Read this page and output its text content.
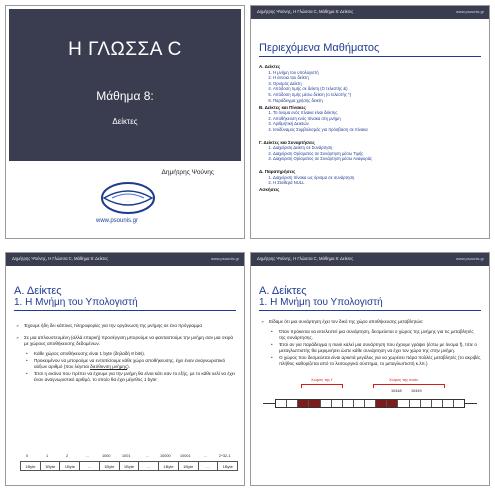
Η ΓΛΩΣΣΑ C
Μάθημα 8:
Δείκτες
Δημήτρης Ψούνης
www.psounis.gr
Δημήτρης Ψούνης, Η Γλώσσα C, Μάθημα 8: Δείκτες	www.psounis.gr
Περιεχόμενα Μαθήματος
Α. Δείκτες
1. Η μνήμη του υπολογιστή
2. Η έννοια του δείκτη
3. Ορισμός Δείκτη
4. Απόδοση τιμής σε δείκτη (Ο τελεστής &)
5. Απόδοση τιμής μέσω δείκτη (ο τελεστής *)
6. Παράδειγμα χρήσης δεικτη
Β. Δείκτες και Πίνακες
1. Το όνομα ενός πίνακα είναι δείκτης
2. Αποθήκευση ενός πίνακα στη μνήμη
3. Αριθμητική Δεικτών
4. Ισοδύναμος Συμβολισμός για πρόσβαση σε πίνακα
Γ. Δείκτες και Συναρτήσεις
1. Διαχείριση Δείκτη σε Συνάρτηση
2. Διαχείριση Ορίσματος σε Συνάρτηση μέσω Τιμής
3. Διαχείριση Ορίσματος σε Συνάρτηση μέσω Αναφοράς
Δ. Παρατηρήσεις
1. Διαχείριση πίνακα ως όρισμα σε συνάρτηση
2. Η Σταθερά NULL
Ασκήσεις
Δημήτρης Ψούνης, Η Γλώσσα C, Μάθημα 8: Δείκτες	www.psounis.gr
Α. Δείκτες
1. Η Μνήμη του Υπολογιστή
➢ Έχουμε ήδη δει κάποιες πληροφορίες για την οργάνωση της μνήμης σε ένα πρόγραμμα
➢ Σε μια απλουστευμένη (αλλά επαρκή) προσέγγιση μπορούμε να φανταστούμε την μνήμη σαν μια σειρά με χώρους αποθήκευσης δεδομένων.
• Κάθε χώρος αποθήκευσης είναι 1 byte (δηλαδή 8 bits).
• Προκειμένου να μπορούμε να εντοπίσουμε κάθε χώρο αποθήκευσης, έχει έναν αναγνωριστικό αύξων αριθμό (που λέγεται διεύθυνση μνήμης).
• Έτσι η εικόνα που πρέπει να έχουμε για την μνήμη θα είναι κάτι σαν το εξής, με το κάθε κελί να έχει έναν αναγνωριστικό αριθμό, το οποίο θα έχει μέγεθος 1 byte:
0	1	2	...	1000	1001	...	10000 10001	...	2^32-1
1Byte	1Byte	1Byte	...	1Byte	1Byte	...	1Byte	1Byte	...	1Byte
Δημήτρης Ψούνης, Η Γλώσσα C, Μάθημα 8: Δείκτες	www.psounis.gr
Α. Δείκτες
1. Η Μνήμη του Υπολογιστή
➢ Είδαμε ότι μια συνάρτηση έχει τον δικό της χώρο αποθήκευσης μεταβλητών:
• Όταν πρόκειται να εκτελεστεί μια συνάρτηση, δεσμεύεται ο χώρος της μνήμης για τις μεταβλητές της συνάρτησης.
• Έτσι αν για παράδειγμα η main καλεί μια συνάρτηση που έχουμε γράψει (έστω με όνομα f), τότε ο μεταγλωττιστής θα μεριμνήσει ώστε κάθε συνάρτηση να έχει τον χώρο της στην μνήμη.
• Ο χώρος που δεσμεύεται είναι αρκετά μεγάλος για να χωρέσει πάρα πολλές μεταβλητές (το ακριβές πλήθος καθορίζεται από το λειτουργικό σύστημα, το μεταγλωττιστή κ.λπ.)
Χώρος της f	Χώρος της main
10448 10449
